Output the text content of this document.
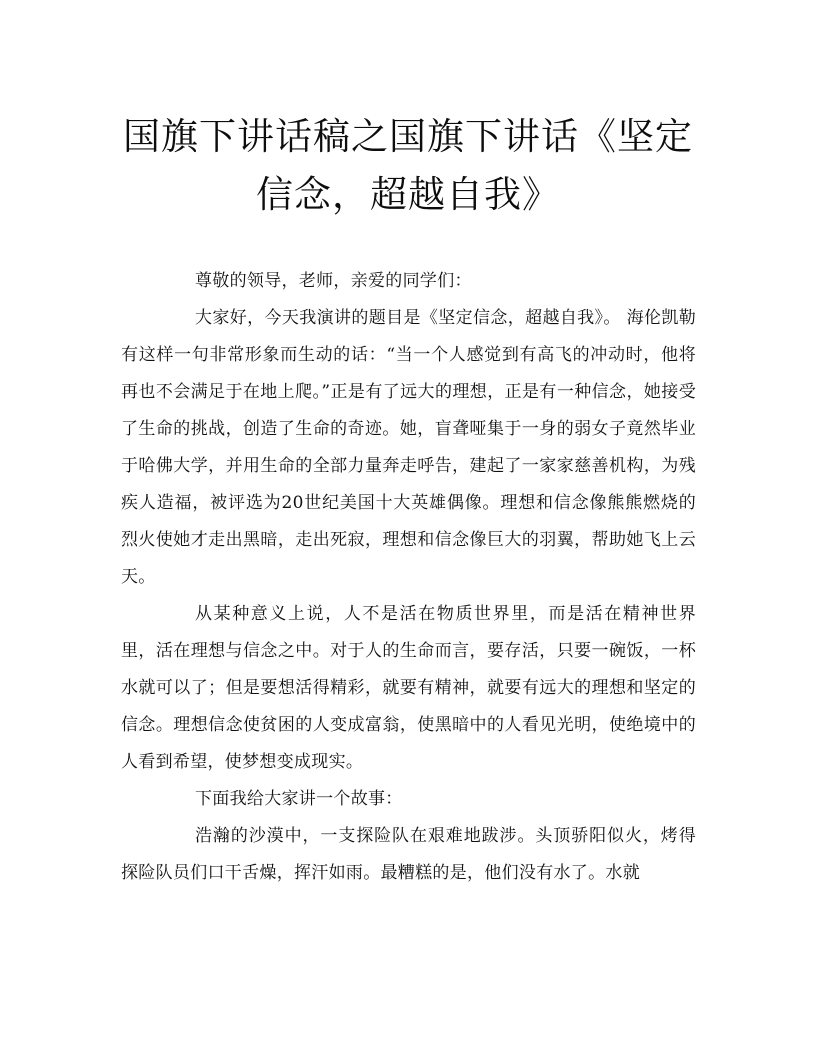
国旗下讲话稿之国旗下讲话《坚定信念，超越自我》

尊敬的领导，老师，亲爱的同学们：

大家好，今天我演讲的题目是《坚定信念，超越自我》。 海伦凯勒有这样一句非常形象而生动的话：“当一个人感觉到有高飞的冲动时，他将再也不会满足于在地上爬。”正是有了远大的理想，正是有一种信念，她接受了生命的挑战，创造了生命的奇迹。她，盲聋哑集于一身的弱女子竟然毕业于哈佛大学，并用生命的全部力量奔走呼告，建起了一家家慈善机构，为残疾人造福，被评选为20世纪美国十大英雄偶像。理想和信念像熊熊燃烧的烈火使她才走出黑暗，走出死寂，理想和信念像巨大的羽翼，帮助她飞上云天。

从某种意义上说，人不是活在物质世界里，而是活在精神世界里，活在理想与信念之中。对于人的生命而言，要存活，只要一碗饭，一杯水就可以了；但是要想活得精彩，就要有精神，就要有远大的理想和坚定的信念。理想信念使贫困的人变成富翁，使黑暗中的人看见光明，使绝境中的人看到希望，使梦想变成现实。

下面我给大家讲一个故事：

浩瀚的沙漠中，一支探险队在艰难地跋涉。头顶骄阳似火，烤得探险队员们口干舌燥，挥汗如雨。最糟糕的是，他们没有水了。水就
